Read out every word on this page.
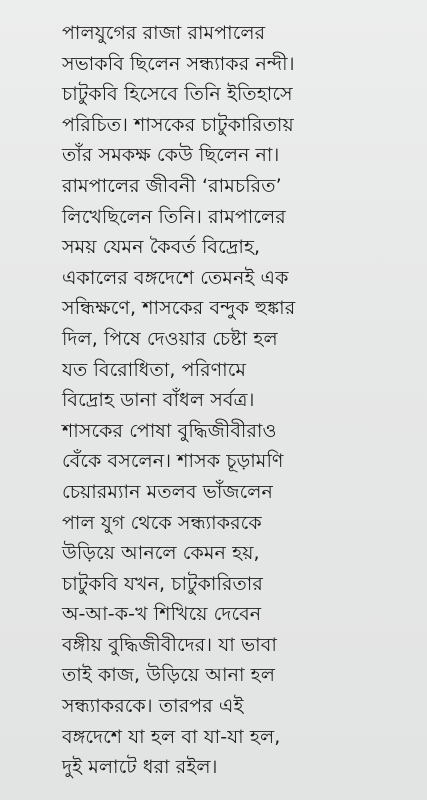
পালযুগের রাজা রামপালের
সভাকবি ছিলেন সন্ধ্যাকর নন্দী।
চাটুকবি হিসেবে তিনি ইতিহাসে
পরিচিত। শাসকের চাটুকারিতায়
তাঁর সমকক্ষ কেউ ছিলেন না।
রামপালের জীবনী ‘রামচরিত’
লিখেছিলেন তিনি। রামপালের
সময় যেমন কৈবর্ত বিদ্রোহ,
একালের বঙ্গদেশে তেমনই এক
সন্ধিক্ষণে, শাসকের বন্দুক হুঙ্কার
দিল, পিষে দেওয়ার চেষ্টা হল
যত বিরোধিতা, পরিণামে
বিদ্রোহ ডানা বাঁধল সর্বত্র।
শাসকের পোষা বুদ্ধিজীবীরাও
বেঁকে বসলেন। শাসক চূড়ামণি
চেয়ারম্যান মতলব ভাঁজলেন
পাল যুগ থেকে সন্ধ্যাকরকে
উড়িয়ে আনলে কেমন হয়,
চাটুকবি যখন, চাটুকারিতার
অ-আ-ক-খ শিখিয়ে দেবেন
বঙ্গীয় বুদ্ধিজীবীদের। যা ভাবা
তাই কাজ, উড়িয়ে আনা হল
সন্ধ্যাকরকে। তারপর এই
বঙ্গদেশে যা হল বা যা-যা হল,
দুই মলাটে ধরা রইল।
